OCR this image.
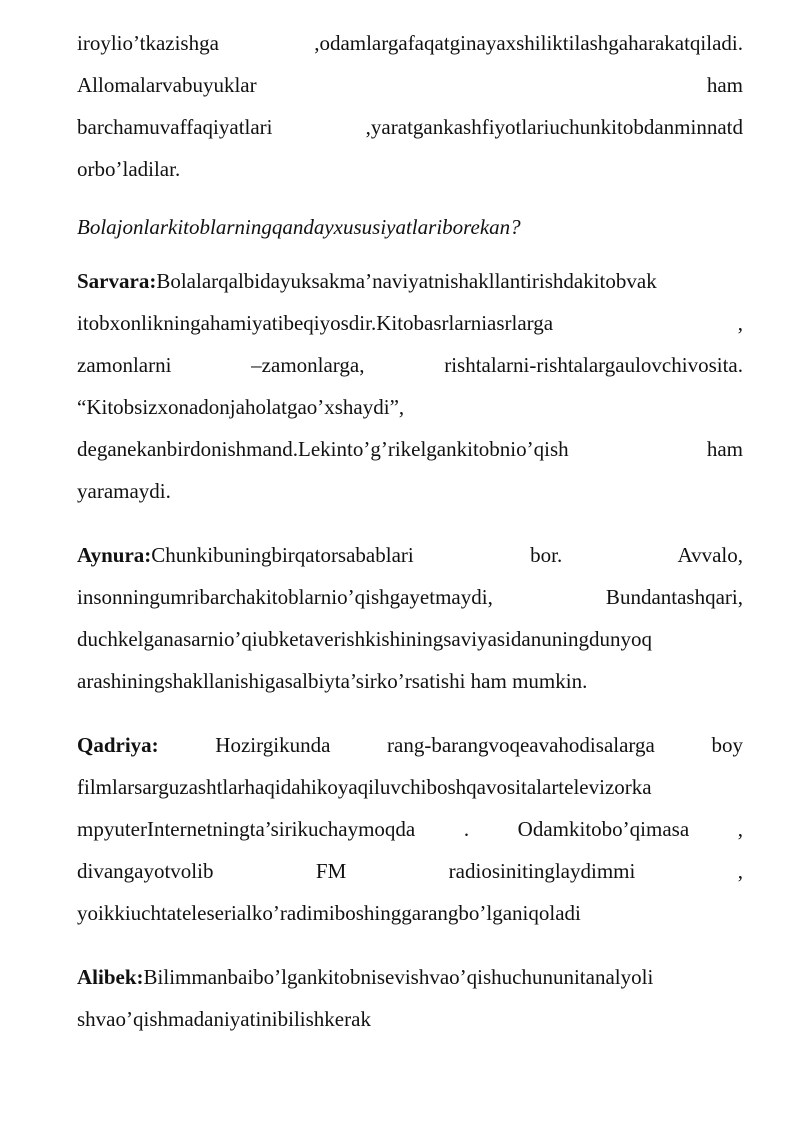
iroylio’tkazishga ,odamlargafaqatginayaxshiliktilashgaharakatqiladi.
Allomalarvabuyuklar ham
barchamuvaffaqiyatlari ,yaratgankashfiyotlariuchunkitobdanminnatd
orbo’ladilar.

Bolajonlarkitoblarningqandayxususiyatlariborekan?

Sarvara:Bolalarqalbidayuksakma’naviyatnishakllantirishdakitobvak
itobxonlikningahamiyatibeqiyosdir.Kitobasrlarniasrlarga ,
zamonlarni –zamonlarga, rishtalarni-rishtalargaulovchivosita.
“Kitobsizxonadonjaholatgao’xshaydi”,
deganekanbirdonishmand.Lekinto’g’rikelgankitobnio’qish ham
yaramaydi.

Aynura:Chunkibuningbirqatorsabablari bor. Avvalo,
insonningumribarchakitoblarnio’qishgayetmaydi, Bundantashqari,
duchkelganasarnio’qiubketaverishkishiningsaviyasidanuningdunyoq
arashiningshakllanishigasalbiyta’sirko’rsatishi ham mumkin.

Qadriya: Hozirgikunda rang-barangvoqeavahodisalarga boy
filmlarsarguzashtlarhaqidahikoyaqiluvchiboshqavositalartelevizorka
mpyuterInternetningta’sirikuchaymoqda . Odamkitobo’qimasa ,
divangayotvolib FM radiosinitinglaydimmi ,
yoikkiuchtateleserialko’radimiboshinggarangbo’lganiqoladi

Alibek:Bilimmanbaibo’lgankitobnisevishvao’qishuchununitanalyoli
shvao’qishmadaniyatinibilishkerak
